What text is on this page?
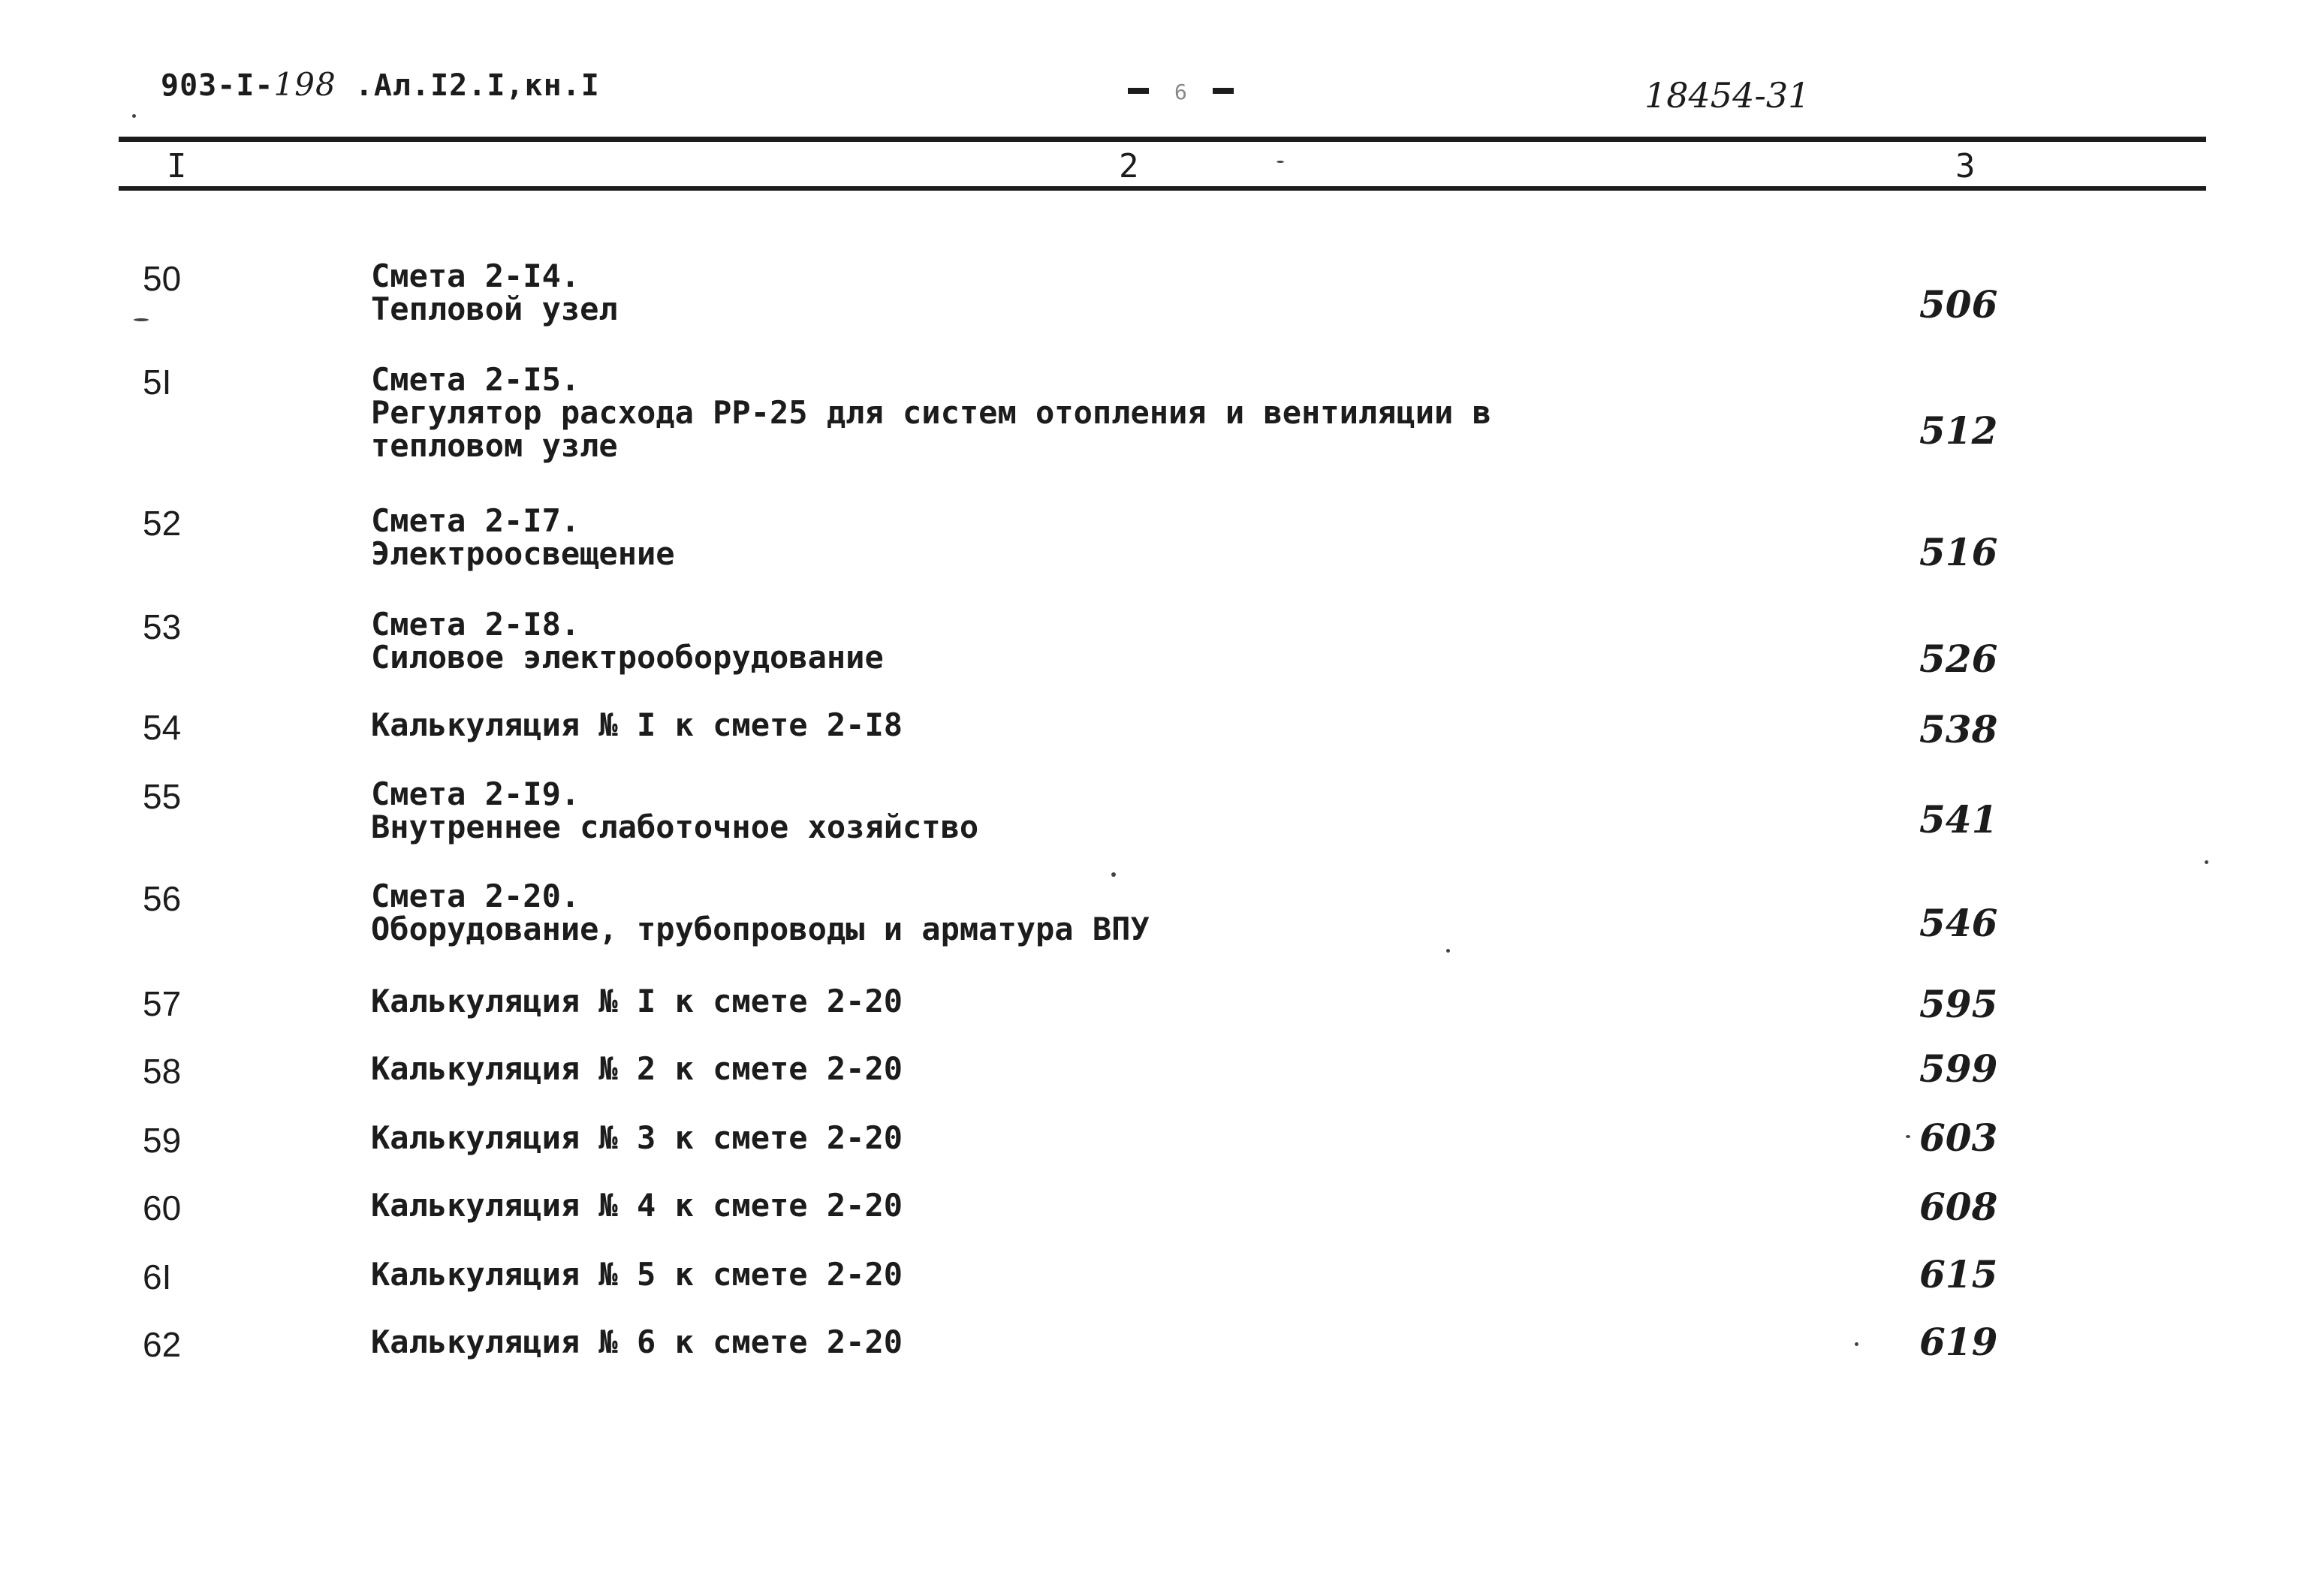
903-I-198 .Ал.I2.I,кн.I	6	18454-31
I	2	3
50	Смета 2-I4.
Тепловой узел	506
5I	Смета 2-I5.
Регулятор расхода РР-25 для систем отопления и вентиляции в
тепловом узле	512
52	Смета 2-I7.
Электроосвещение	516
53	Смета 2-I8.
Силовое электрооборудование	526
54	Калькуляция № I к смете 2-I8	538
55	Смета 2-I9.
Внутреннее слаботочное хозяйство	541
56	Смета 2-20.
Оборудование, трубопроводы и арматура ВПУ	546
57	Калькуляция № I к смете 2-20	595
58	Калькуляция № 2 к смете 2-20	599
59	Калькуляция № 3 к смете 2-20	603
60	Калькуляция № 4 к смете 2-20	608
6I	Калькуляция № 5 к смете 2-20	615
62	Калькуляция № 6 к смете 2-20	619
